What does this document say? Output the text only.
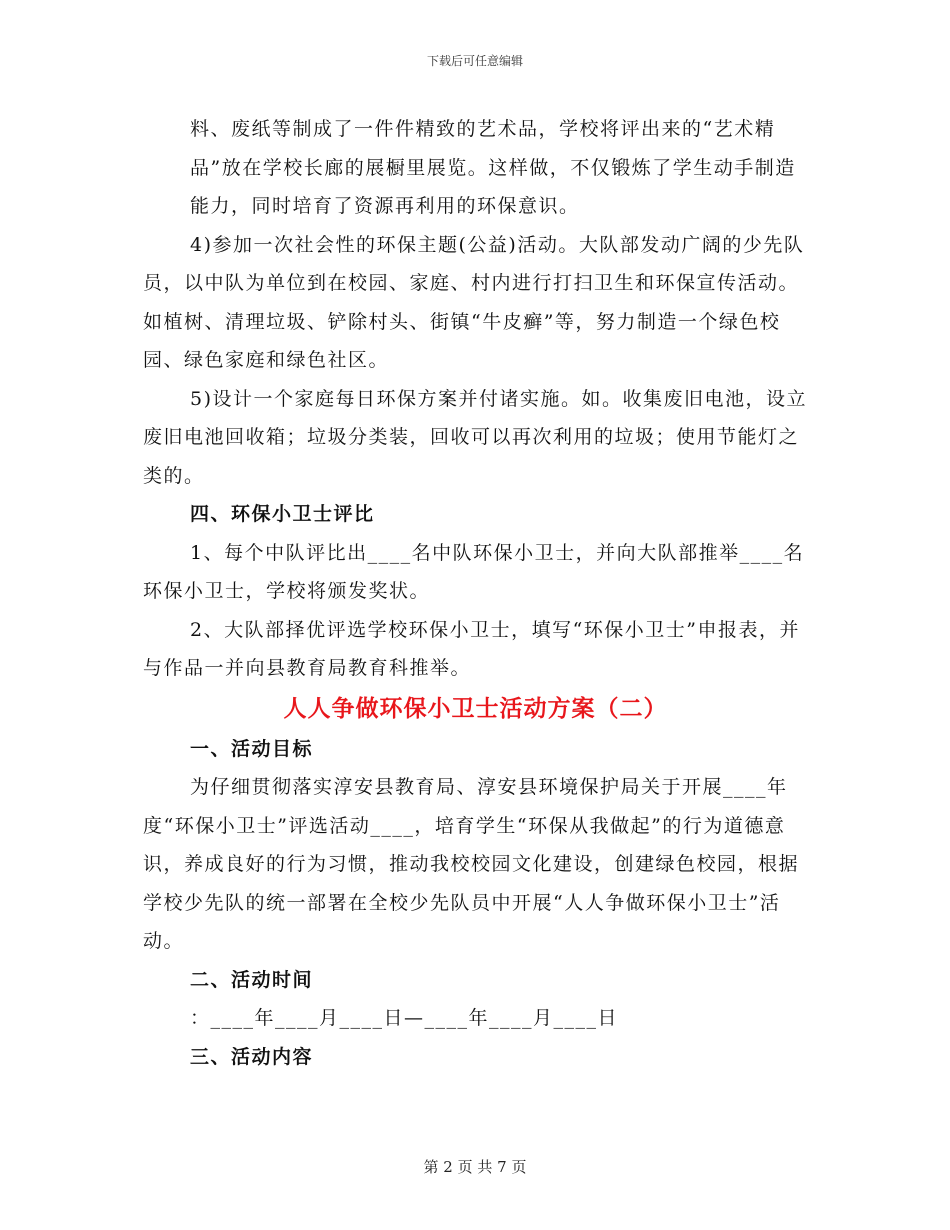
下载后可任意编辑

料、废纸等制成了一件件精致的艺术品，学校将评出来的“艺术精品”放在学校长廊的展橱里展览。这样做，不仅锻炼了学生动手制造能力，同时培育了资源再利用的环保意识。

4)参加一次社会性的环保主题(公益)活动。大队部发动广阔的少先队员，以中队为单位到在校园、家庭、村内进行打扫卫生和环保宣传活动。如植树、清理垃圾、铲除村头、街镇“牛皮癣”等，努力制造一个绿色校园、绿色家庭和绿色社区。

5)设计一个家庭每日环保方案并付诸实施。如。收集废旧电池，设立废旧电池回收箱；垃圾分类装，回收可以再次利用的垃圾；使用节能灯之类的。

四、环保小卫士评比

1、每个中队评比出____名中队环保小卫士，并向大队部推举____名环保小卫士，学校将颁发奖状。

2、大队部择优评选学校环保小卫士，填写“环保小卫士”申报表，并与作品一并向县教育局教育科推举。

人人争做环保小卫士活动方案（二）

一、活动目标

为仔细贯彻落实淳安县教育局、淳安县环境保护局关于开展____年度“环保小卫士”评选活动____，培育学生“环保从我做起”的行为道德意识，养成良好的行为习惯，推动我校校园文化建设，创建绿色校园，根据学校少先队的统一部署在全校少先队员中开展“人人争做环保小卫士”活动。

二、活动时间

：____年____月____日—____年____月____日

三、活动内容

第 2 页 共 7 页
